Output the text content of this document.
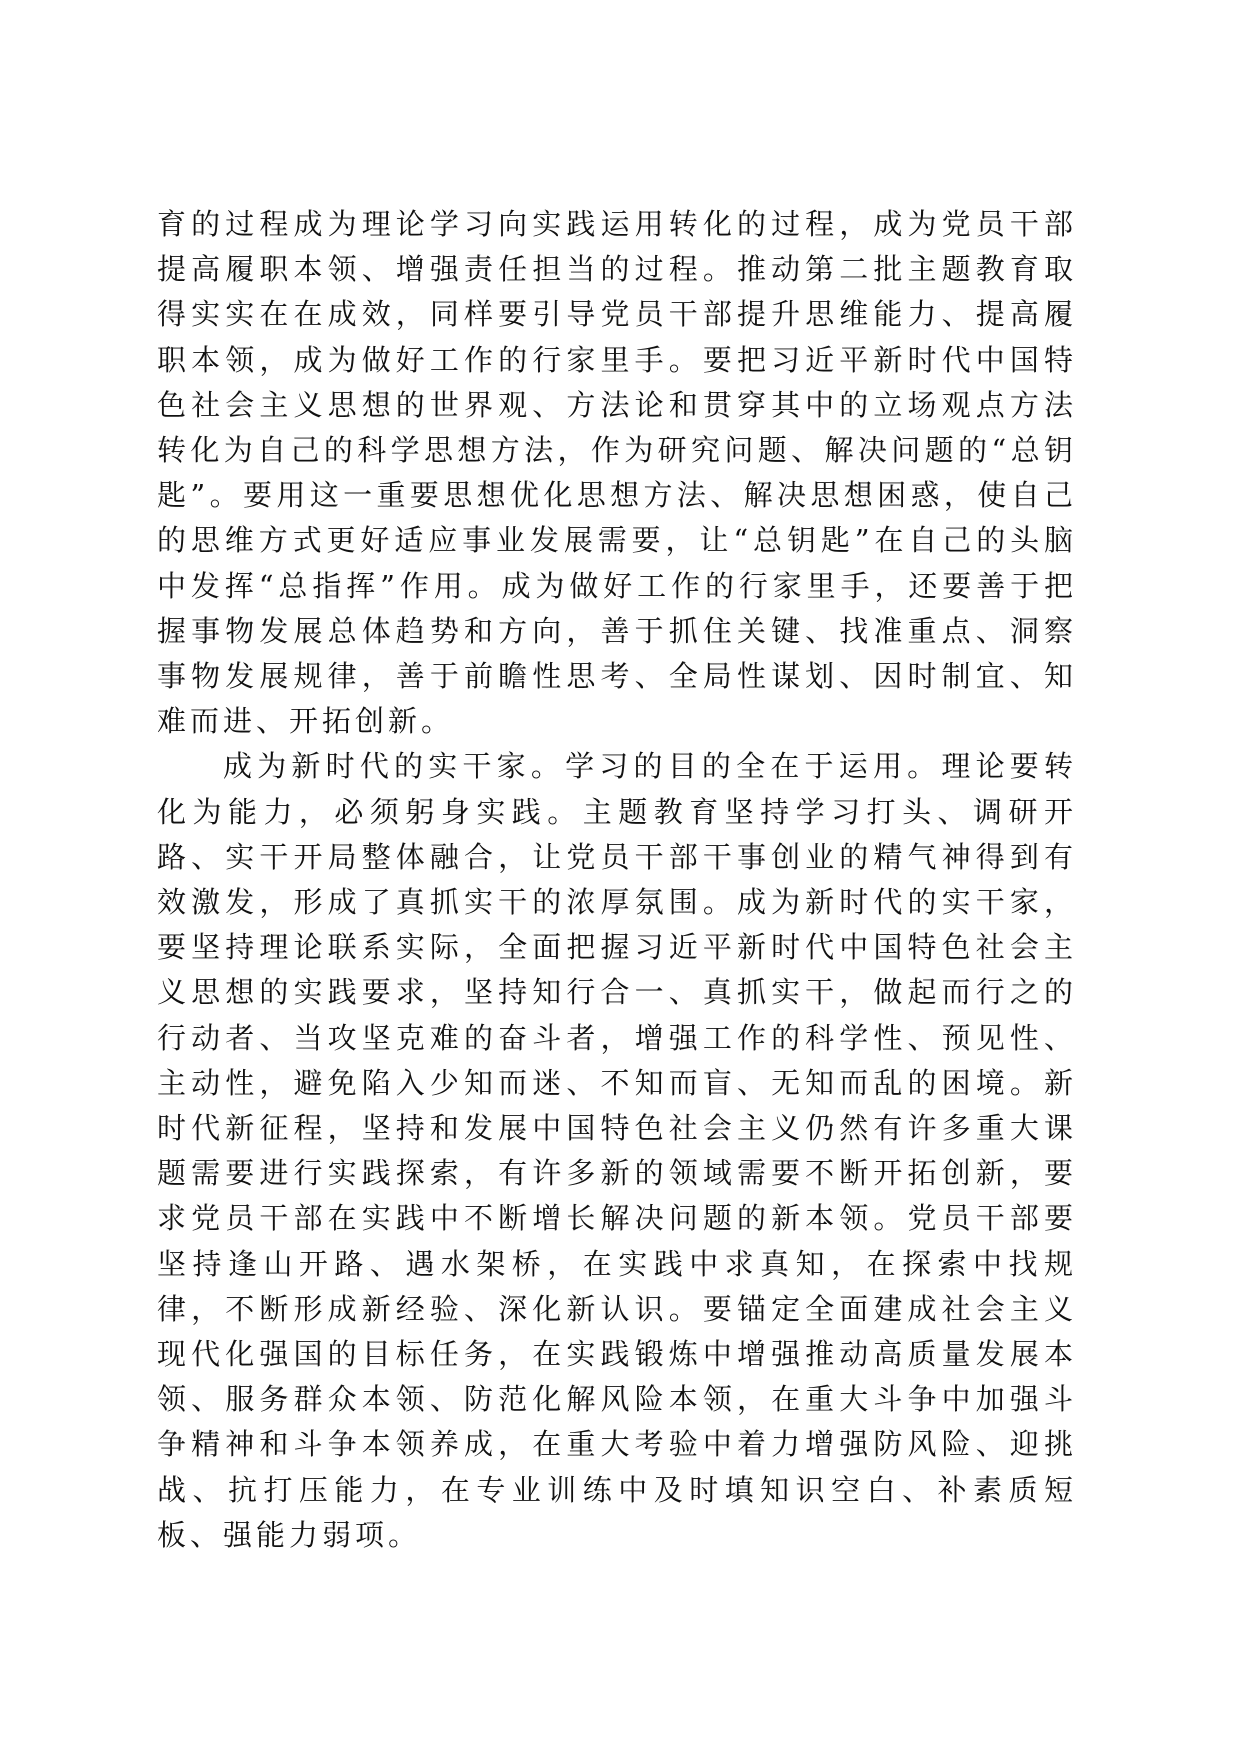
育的过程成为理论学习向实践运用转化的过程，成为党员干部提高履职本领、增强责任担当的过程。推动第二批主题教育取得实实在在成效，同样要引导党员干部提升思维能力、提高履职本领，成为做好工作的行家里手。要把习近平新时代中国特色社会主义思想的世界观、方法论和贯穿其中的立场观点方法转化为自己的科学思想方法，作为研究问题、解决问题的“总钥匙”。要用这一重要思想优化思想方法、解决思想困惑，使自己的思维方式更好适应事业发展需要，让“总钥匙”在自己的头脑中发挥“总指挥”作用。成为做好工作的行家里手，还要善于把握事物发展总体趋势和方向，善于抓住关键、找准重点、洞察事物发展规律，善于前瞻性思考、全局性谋划、因时制宜、知难而进、开拓创新。

成为新时代的实干家。学习的目的全在于运用。理论要转化为能力，必须躬身实践。主题教育坚持学习打头、调研开路、实干开局整体融合，让党员干部干事创业的精气神得到有效激发，形成了真抓实干的浓厚氛围。成为新时代的实干家，要坚持理论联系实际，全面把握习近平新时代中国特色社会主义思想的实践要求，坚持知行合一、真抓实干，做起而行之的行动者、当攻坚克难的奋斗者，增强工作的科学性、预见性、主动性，避免陷入少知而迷、不知而盲、无知而乱的困境。新时代新征程，坚持和发展中国特色社会主义仍然有许多重大课题需要进行实践探索，有许多新的领域需要不断开拓创新，要求党员干部在实践中不断增长解决问题的新本领。党员干部要坚持逢山开路、遇水架桥，在实践中求真知，在探索中找规律，不断形成新经验、深化新认识。要锚定全面建成社会主义现代化强国的目标任务，在实践锻炼中增强推动高质量发展本领、服务群众本领、防范化解风险本领，在重大斗争中加强斗争精神和斗争本领养成，在重大考验中着力增强防风险、迎挑战、抗打压能力，在专业训练中及时填知识空白、补素质短板、强能力弱项。
